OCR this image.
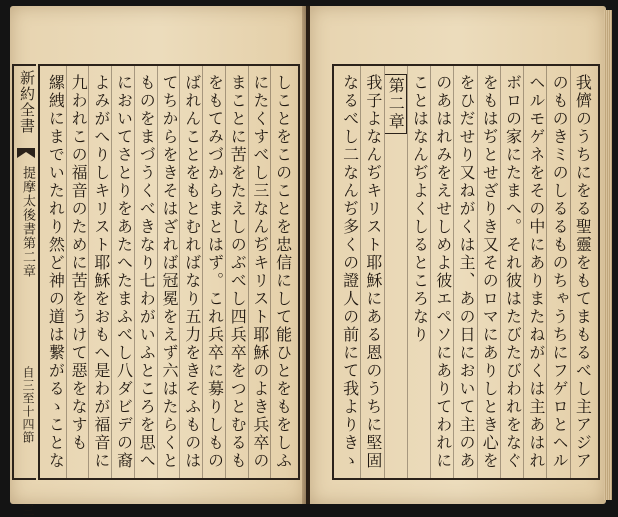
新約全書
提摩太後書第二章
自三至十四節
三
しことをこのことを忠信にして能ひとをもをしふ
にたくすべし三なんぢキリスト耶穌のよき兵卒の
まことに苦をたえしのぶべし四兵卒をつとむるも
をもてみづからまとはず。これ兵卒に募りしもの
ばれんことをもとむればなり五力をきそふものは
てちからをきそはざれば冠冕をえず六はたらくと
ものをまづうくべきなり七わがいふところを思へ
においてさとりをあたへたまふべし八ダビデの裔
よみがへりしキリスト耶穌をおもへ是わが福音に
九われこの福音のために苦をうけて惡をなすも
縲絏にまでいたれり然ど神の道は繋がるゝことな
我儕のうちにをる聖靈をもてまもるべし主アジア
のものきミのしるるものちゃうちにフゲロとヘル
ヘルモゲネをその中にありまたねがくは主あはれ
ボロの家にたまへ。それ彼はたびたびわれをなぐ
をもはぢとせざりき又そのロマにありしとき心を
をひだせり又ねがくは主、あの日において主のあ
のあはれみをえせしめよ彼エペソにありてわれに
ことはなんぢよくしるところなり
第二章
我子よなんぢキリスト耶穌にある恩のうちに堅固
なるべし二なんぢ多くの證人の前にて我よりきゝ
